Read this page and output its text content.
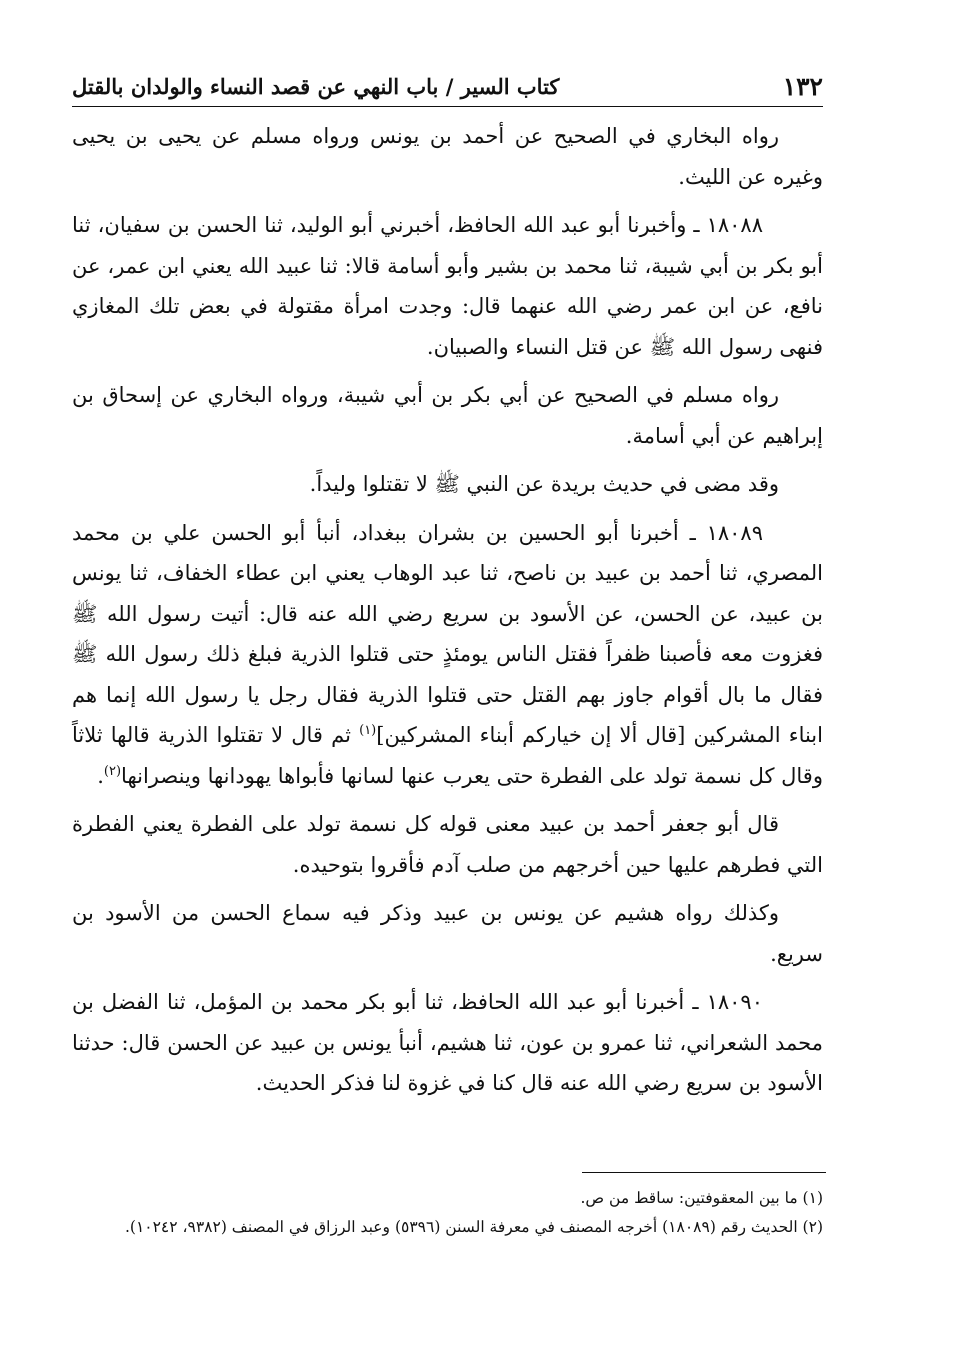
١٣٢
كتاب السير / باب النهي عن قصد النساء والولدان بالقتل

رواه البخاري في الصحيح عن أحمد بن يونس ورواه مسلم عن يحيى بن يحيى وغيره عن الليث.

١٨٠٨٨ ـ وأخبرنا أبو عبد الله الحافظ، أخبرني أبو الوليد، ثنا الحسن بن سفيان، ثنا أبو بكر بن أبي شيبة، ثنا محمد بن بشير وأبو أسامة قالا: ثنا عبيد الله يعني ابن عمر، عن نافع، عن ابن عمر رضي الله عنهما قال: وجدت امرأة مقتولة في بعض تلك المغازي فنهى رسول الله ﷺ عن قتل النساء والصبيان.

رواه مسلم في الصحيح عن أبي بكر بن أبي شيبة، ورواه البخاري عن إسحاق بن إبراهيم عن أبي أسامة.

وقد مضى في حديث بريدة عن النبي ﷺ لا تقتلوا وليداً.

١٨٠٨٩ ـ أخبرنا أبو الحسين بن بشران ببغداد، أنبأ أبو الحسن علي بن محمد المصري، ثنا أحمد بن عبيد بن ناصح، ثنا عبد الوهاب يعني ابن عطاء الخفاف، ثنا يونس بن عبيد، عن الحسن، عن الأسود بن سريع رضي الله عنه قال: أتيت رسول الله ﷺ فغزوت معه فأصبنا ظفراً فقتل الناس يومئذٍ حتى قتلوا الذرية فبلغ ذلك رسول الله ﷺ فقال ما بال أقوام جاوز بهم القتل حتى قتلوا الذرية فقال رجل يا رسول الله إنما هم ابناء المشركين [قال ألا إن خياركم أبناء المشركين]$^{(١)}$ ثم قال لا تقتلوا الذرية قالها ثلاثاً وقال كل نسمة تولد على الفطرة حتى يعرب عنها لسانها فأبواها يهودانها وينصرانها$^{(٢)}$.

قال أبو جعفر أحمد بن عبيد معنى قوله كل نسمة تولد على الفطرة يعني الفطرة التي فطرهم عليها حين أخرجهم من صلب آدم فأقروا بتوحيده.

وكذلك رواه هشيم عن يونس بن عبيد وذكر فيه سماع الحسن من الأسود بن سريع.

١٨٠٩٠ ـ أخبرنا أبو عبد الله الحافظ، ثنا أبو بكر محمد بن المؤمل، ثنا الفضل بن محمد الشعراني، ثنا عمرو بن عون، ثنا هشيم، أنبأ يونس بن عبيد عن الحسن قال: حدثنا الأسود بن سريع رضي الله عنه قال كنا في غزوة لنا فذكر الحديث.

(١) ما بين المعقوفتين: ساقط من ص.

(٢) الحديث رقم (١٨٠٨٩) أخرجه المصنف في معرفة السنن (٥٣٩٦) وعبد الرزاق في المصنف (٩٣٨٢، ١٠٢٤٢).
